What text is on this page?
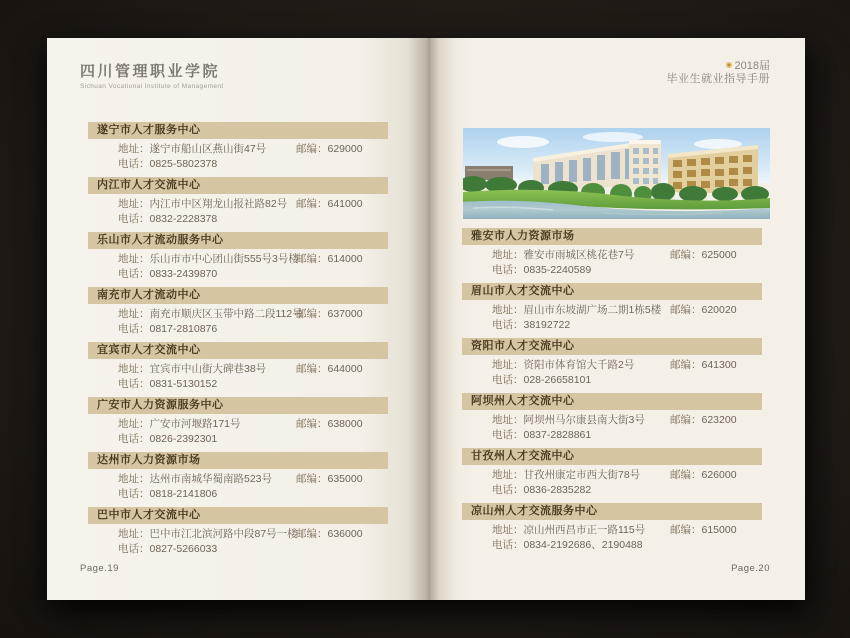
四川管理职业学院
Sichuan Vocational Institute of Management
遂宁市人才服务中心
地址：遂宁市船山区燕山街47号	邮编：629000
电话：0825-5802378
内江市人才交流中心
地址：内江市中区翔龙山报社路82号 邮编：641000
电话：0832-2228378
乐山市人才流动服务中心
地址：乐山市市中心团山街555号3号楼
邮编：614000
电话：0833-2439870
南充市人才流动中心
地址：南充市顺庆区玉带中路二段112号
邮编：637000
电话：0817-2810876
宜宾市人才交流中心
地址：宜宾市中山街大碑巷38号	邮编：644000
电话：0831-5130152
广安市人力资源服务中心
地址：广安市河堰路171号	邮编：638000
电话：0826-2392301
达州市人力资源市场
地址：达州市南城华蜀南路523号 邮编：635000
电话：0818-2141806
巴中市人才交流中心
地址：巴中市江北滨河路中段87号一楼
邮编：636000
电话：0827-5266033
Page.19
2018届
毕业生就业指导手册
雅安市人力资源市场
地址：雅安市雨城区桃花巷7号	邮编：625000
电话：0835-2240589
眉山市人才交流中心
地址：眉山市东坡湖广场二期1栋5楼 邮编：620020
电话：38192722
资阳市人才交流中心
地址：资阳市体育馆大千路2号	邮编：641300
电话：028-26658101
阿坝州人才交流中心
地址：阿坝州马尔康县南大街3号 邮编：623200
电话：0837-2828861
甘孜州人才交流中心
地址：甘孜州康定市西大街78号	邮编：626000
电话：0836-2835282
凉山州人才交流服务中心
地址：凉山州西昌市正一路115号 邮编：615000
电话：0834-2192686、2190488
Page.20
